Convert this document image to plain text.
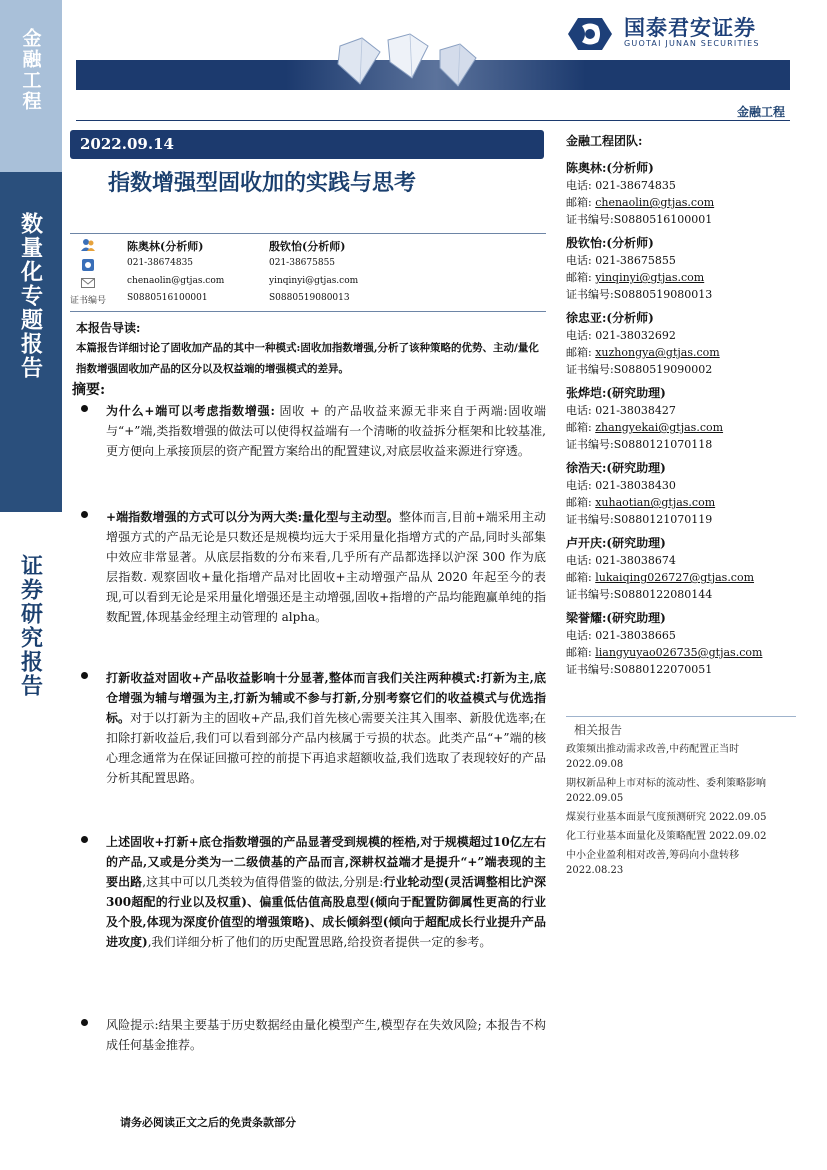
金融工程
数量化专题报告
证券研究报告
国泰君安证券
GUOTAI JUNAN SECURITIES
金融工程
2022.09.14
指数增强型固收加的实践与思考
陈奥林(分析师)	殷钦怡(分析师)
021-38674835	021-38675855
chenaolin@gtjas.com	yinqinyi@gtjas.com
证书编号 S0880516100001	S0880519080013
本报告导读:
本篇报告详细讨论了固收加产品的其中一种模式:固收加指数增强,分析了该种策略的优势、主动/量化指数增强固收加产品的区分以及权益端的增强模式的差异。
摘要:
为什么+端可以考虑指数增强: 固收 + 的产品收益来源无非来自于两端:固收端与“+”端,类指数增强的做法可以使得权益端有一个清晰的收益拆分框架和比较基准,更方便向上承接顶层的资产配置方案给出的配置建议,对底层收益来源进行穿透。
+端指数增强的方式可以分为两大类:量化型与主动型。整体而言,目前+端采用主动增强方式的产品无论是只数还是规模均远大于采用量化指增方式的产品,同时头部集中效应非常显著。从底层指数的分布来看,几乎所有产品都选择以沪深 300 作为底层指数. 观察固收+量化指增产品对比固收+主动增强产品从 2020 年起至今的表现,可以看到无论是采用量化增强还是主动增强,固收+指增的产品均能跑赢单纯的指数配置,体现基金经理主动管理的 alpha。
打新收益对固收+产品收益影响十分显著,整体而言我们关注两种模式:打新为主,底仓增强为辅与增强为主,打新为辅或不参与打新,分别考察它们的收益模式与优选指标。对于以打新为主的固收+产品,我们首先核心需要关注其入围率、新股优选率;在扣除打新收益后,我们可以看到部分产品内核属于亏损的状态。此类产品“+”端的核心理念通常为在保证回撤可控的前提下再追求超额收益,我们选取了表现较好的产品分析其配置思路。
上述固收+打新+底仓指数增强的产品显著受到规模的桎梏,对于规模超过10亿左右的产品,又或是分类为一二级债基的产品而言,深耕权益端才是提升“+”端表现的主要出路,这其中可以几类较为值得借鉴的做法,分别是:行业轮动型(灵活调整相比沪深300超配的行业以及权重)、偏重低估值高股息型(倾向于配置防御属性更高的行业及个股,体现为深度价值型的增强策略)、成长倾斜型(倾向于超配成长行业提升产品进攻度),我们详细分析了他们的历史配置思路,给投资者提供一定的参考。
风险提示:结果主要基于历史数据经由量化模型产生,模型存在失效风险; 本报告不构成任何基金推荐。
请务必阅读正文之后的免责条款部分
金融工程团队:
陈奥林:(分析师)
电话: 021-38674835
邮箱: chenaolin@gtjas.com
证书编号:S0880516100001
殷钦怡:(分析师)
电话: 021-38675855
邮箱: yinqinyi@gtjas.com
证书编号:S0880519080013
徐忠亚:(分析师)
电话: 021-38032692
邮箱: xuzhongya@gtjas.com
证书编号:S0880519090002
张烨垲:(研究助理)
电话: 021-38038427
邮箱: zhangyekai@gtjas.com
证书编号:S0880121070118
徐浩天:(研究助理)
电话: 021-38038430
邮箱: xuhaotian@gtjas.com
证书编号:S0880121070119
卢开庆:(研究助理)
电话: 021-38038674
邮箱: lukaiqing026727@gtjas.com
证书编号:S0880122080144
梁誉耀:(研究助理)
电话: 021-38038665
邮箱: liangyuyao026735@gtjas.com
证书编号:S0880122070051
相关报告
政策频出推动需求改善,中药配置正当时 2022.09.08
期权新品种上市对标的流动性、委利策略影响 2022.09.05
煤炭行业基本面景气度预测研究 2022.09.05
化工行业基本面量化及策略配置 2022.09.02
中小企业盈利相对改善,筹码向小盘转移 2022.08.23
